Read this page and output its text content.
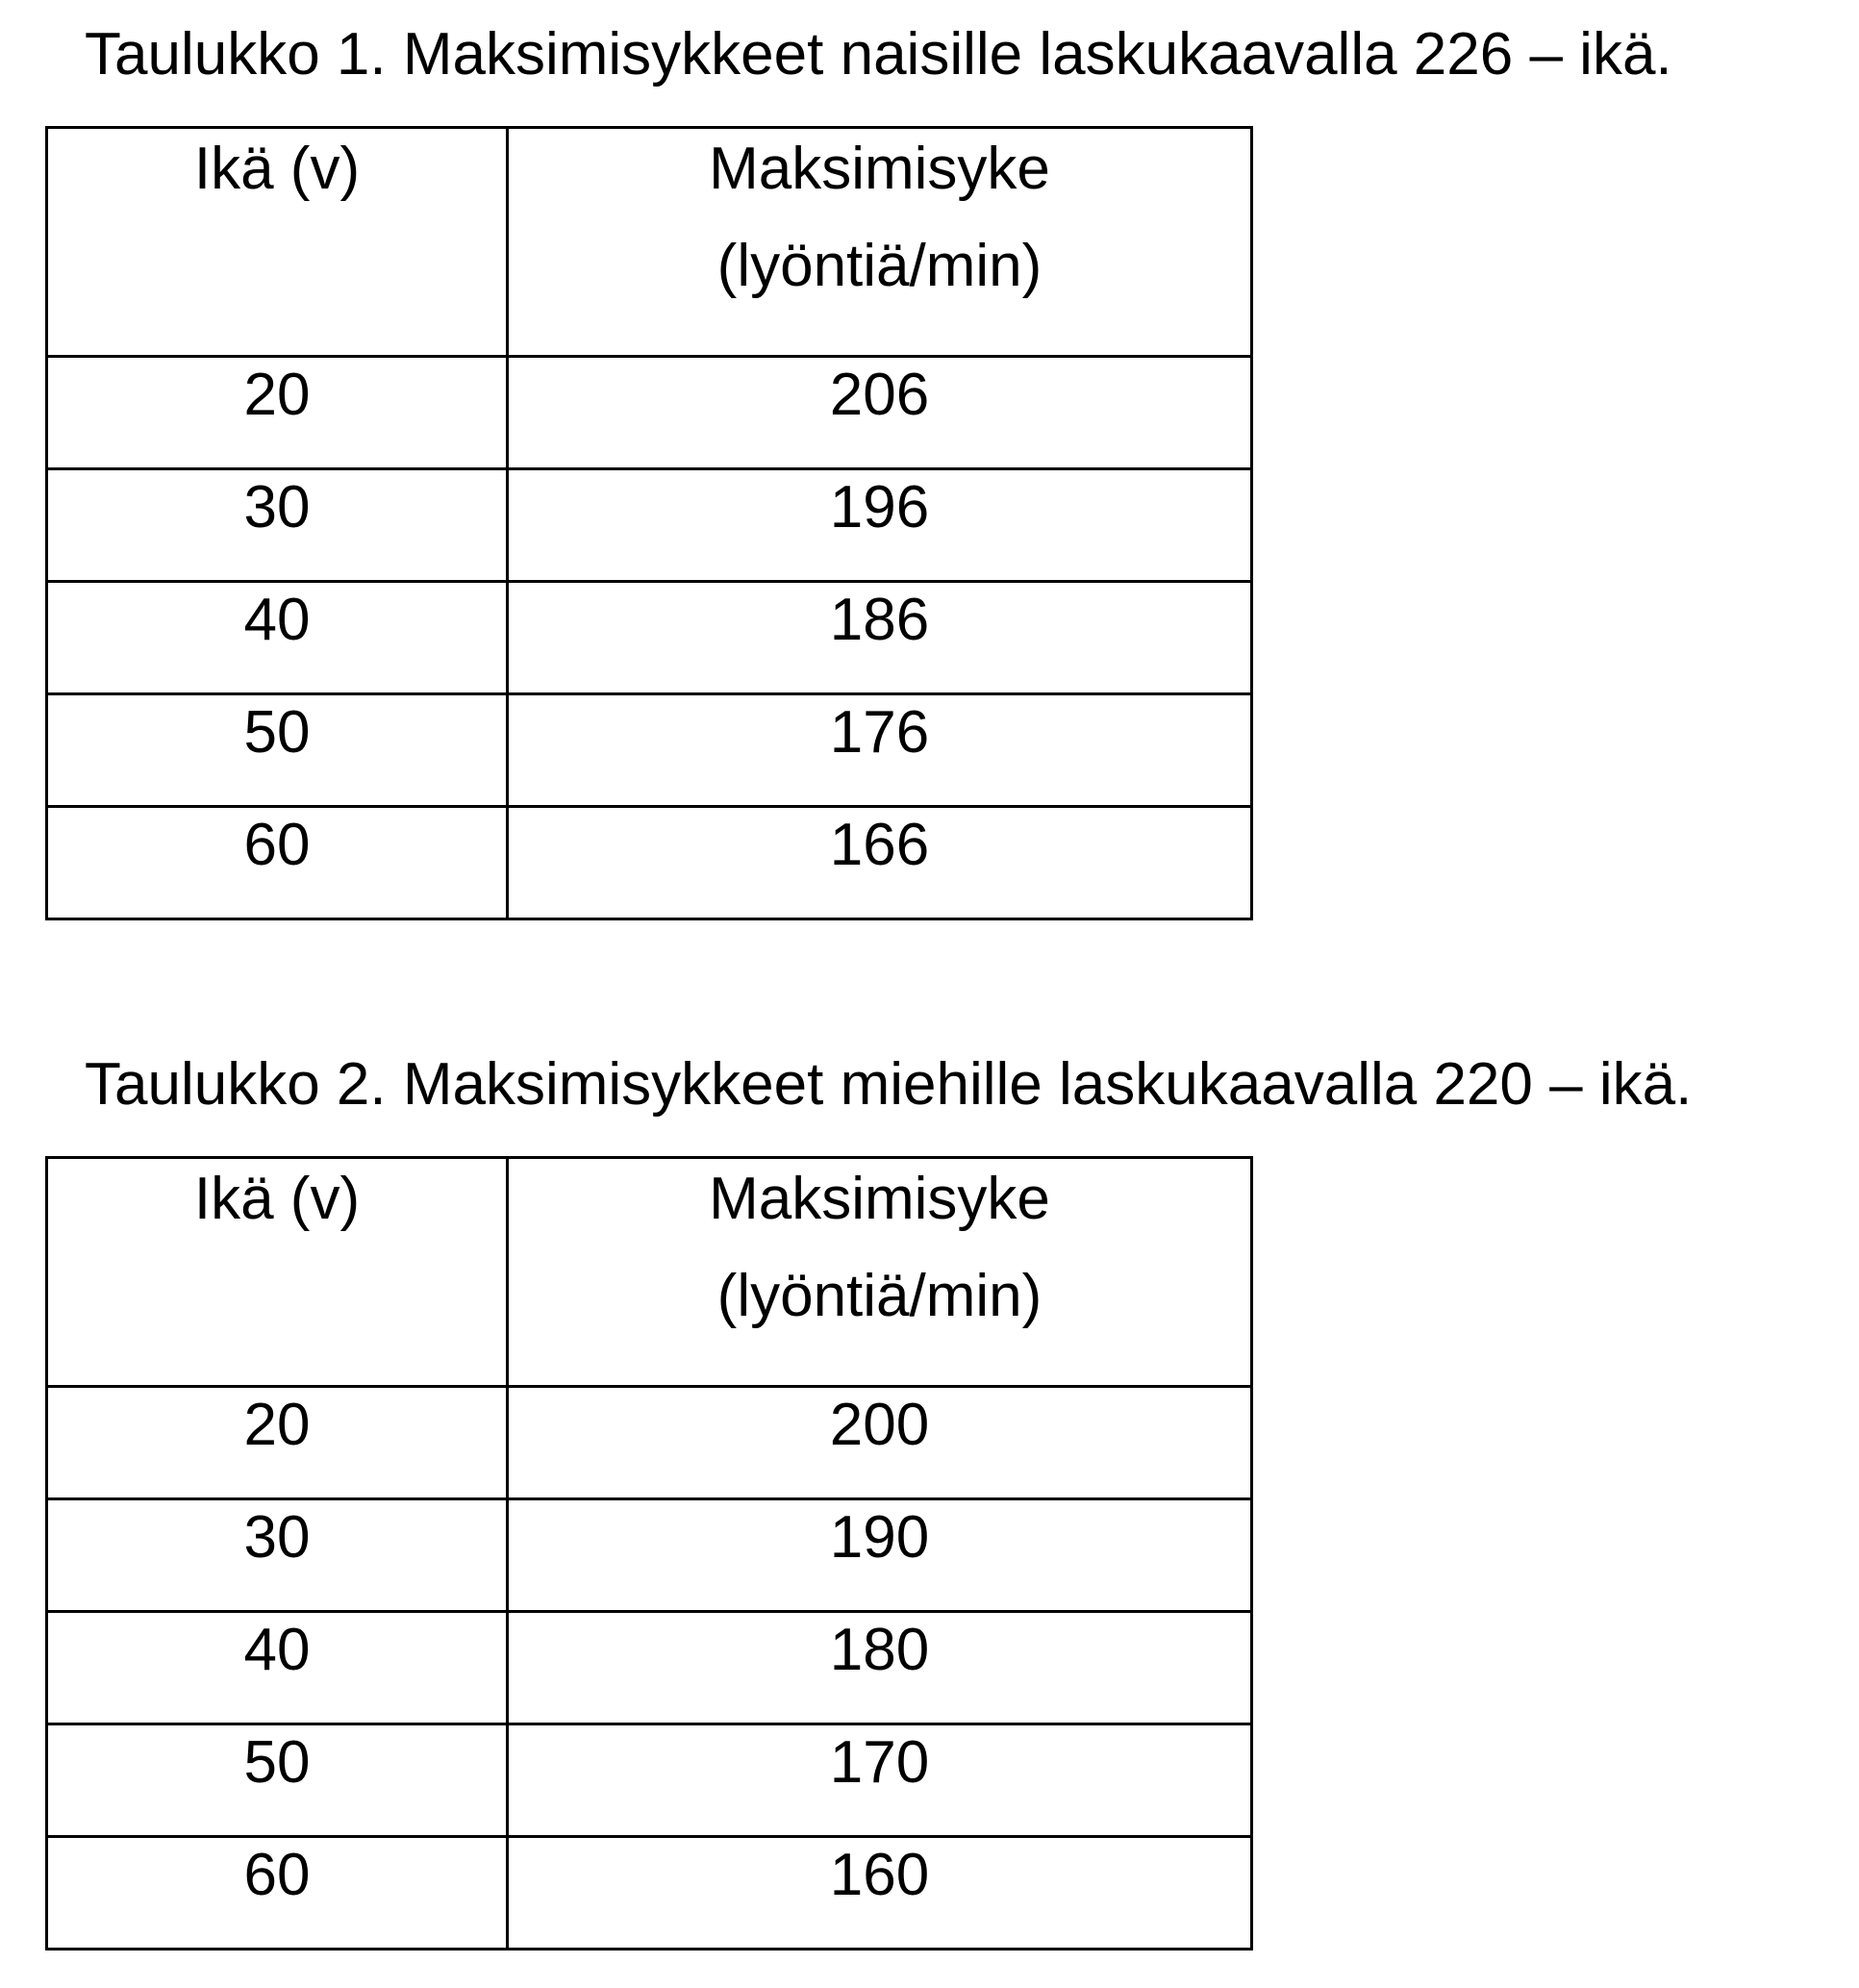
Taulukko 1. Maksimisykkeet naisille laskukaavalla 226 – ikä.
Ikä (v)	Maksimisyke
(lyöntiä/min)

20	206

30	196

40	186

50	176

60	166
Taulukko 2. Maksimisykkeet miehille laskukaavalla 220 – ikä.
Ikä (v)	Maksimisyke
(lyöntiä/min)

20	200

30	190

40	180

50	170

60	160
